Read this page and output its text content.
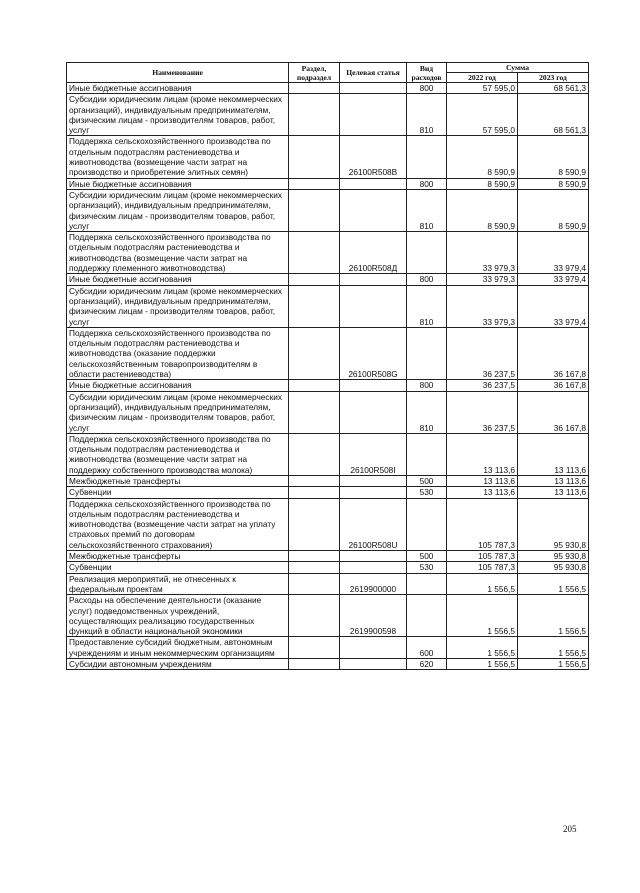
Наименование	Раздел, подраздел	Целевая статья	Вид расходов	Сумма	
				2022 год	2023 год
Иные бюджетные ассигнования			800	57 595,0	68 561,3
Субсидии юридическим лицам (кроме некоммерческих организаций), индивидуальным предпринимателям, физическим лицам - производителям товаров, работ, услуг			810	57 595,0	68 561,3
Поддержка сельскохозяйственного производства по отдельным подотраслям растениеводства и животноводства (возмещение части затрат на производство и приобретение элитных семян)		26100R508B		8 590,9	8 590,9
Иные бюджетные ассигнования			800	8 590,9	8 590,9
Субсидии юридическим лицам (кроме некоммерческих организаций), индивидуальным предпринимателям, физическим лицам - производителям товаров, работ, услуг			810	8 590,9	8 590,9
Поддержка сельскохозяйственного производства по отдельным подотраслям растениеводства и животноводства (возмещение части затрат на поддержку племенного животноводства)		26100R508Д		33 979,3	33 979,4
Иные бюджетные ассигнования			800	33 979,3	33 979,4
Субсидии юридическим лицам (кроме некоммерческих организаций), индивидуальным предпринимателям, физическим лицам - производителям товаров, работ, услуг			810	33 979,3	33 979,4
Поддержка сельскохозяйственного производства по отдельным подотраслям растениеводства и животноводства (оказание поддержки сельскохозяйственным товаропроизводителям в области растениеводства)		26100R508G		36 237,5	36 167,8
Иные бюджетные ассигнования			800	36 237,5	36 167,8
Субсидии юридическим лицам (кроме некоммерческих организаций), индивидуальным предпринимателям, физическим лицам - производителям товаров, работ, услуг			810	36 237,5	36 167,8
Поддержка сельскохозяйственного производства по отдельным подотраслям растениеводства и животноводства (возмещение части затрат на поддержку собственного производства молока)		26100R508I		13 113,6	13 113,6
Межбюджетные трансферты			500	13 113,6	13 113,6
Субвенции			530	13 113,6	13 113,6
Поддержка сельскохозяйственного производства по отдельным подотраслям растениеводства и животноводства (возмещение части затрат на уплату страховых премий по договорам сельскохозяйственного страхования)		26100R508U		105 787,3	95 930,8
Межбюджетные трансферты			500	105 787,3	95 930,8
Субвенции			530	105 787,3	95 930,8
Реализация мероприятий, не отнесенных к федеральным проектам		2619900000		1 556,5	1 556,5
Расходы на обеспечение деятельности (оказание услуг) подведомственных учреждений, осуществляющих реализацию государственных функций в области национальной экономики		2619900598		1 556,5	1 556,5
Предоставление субсидий бюджетным, автономным учреждениям и иным некоммерческим организациям			600	1 556,5	1 556,5
Субсидии автономным учреждениям			620	1 556,5	1 556,5
205
